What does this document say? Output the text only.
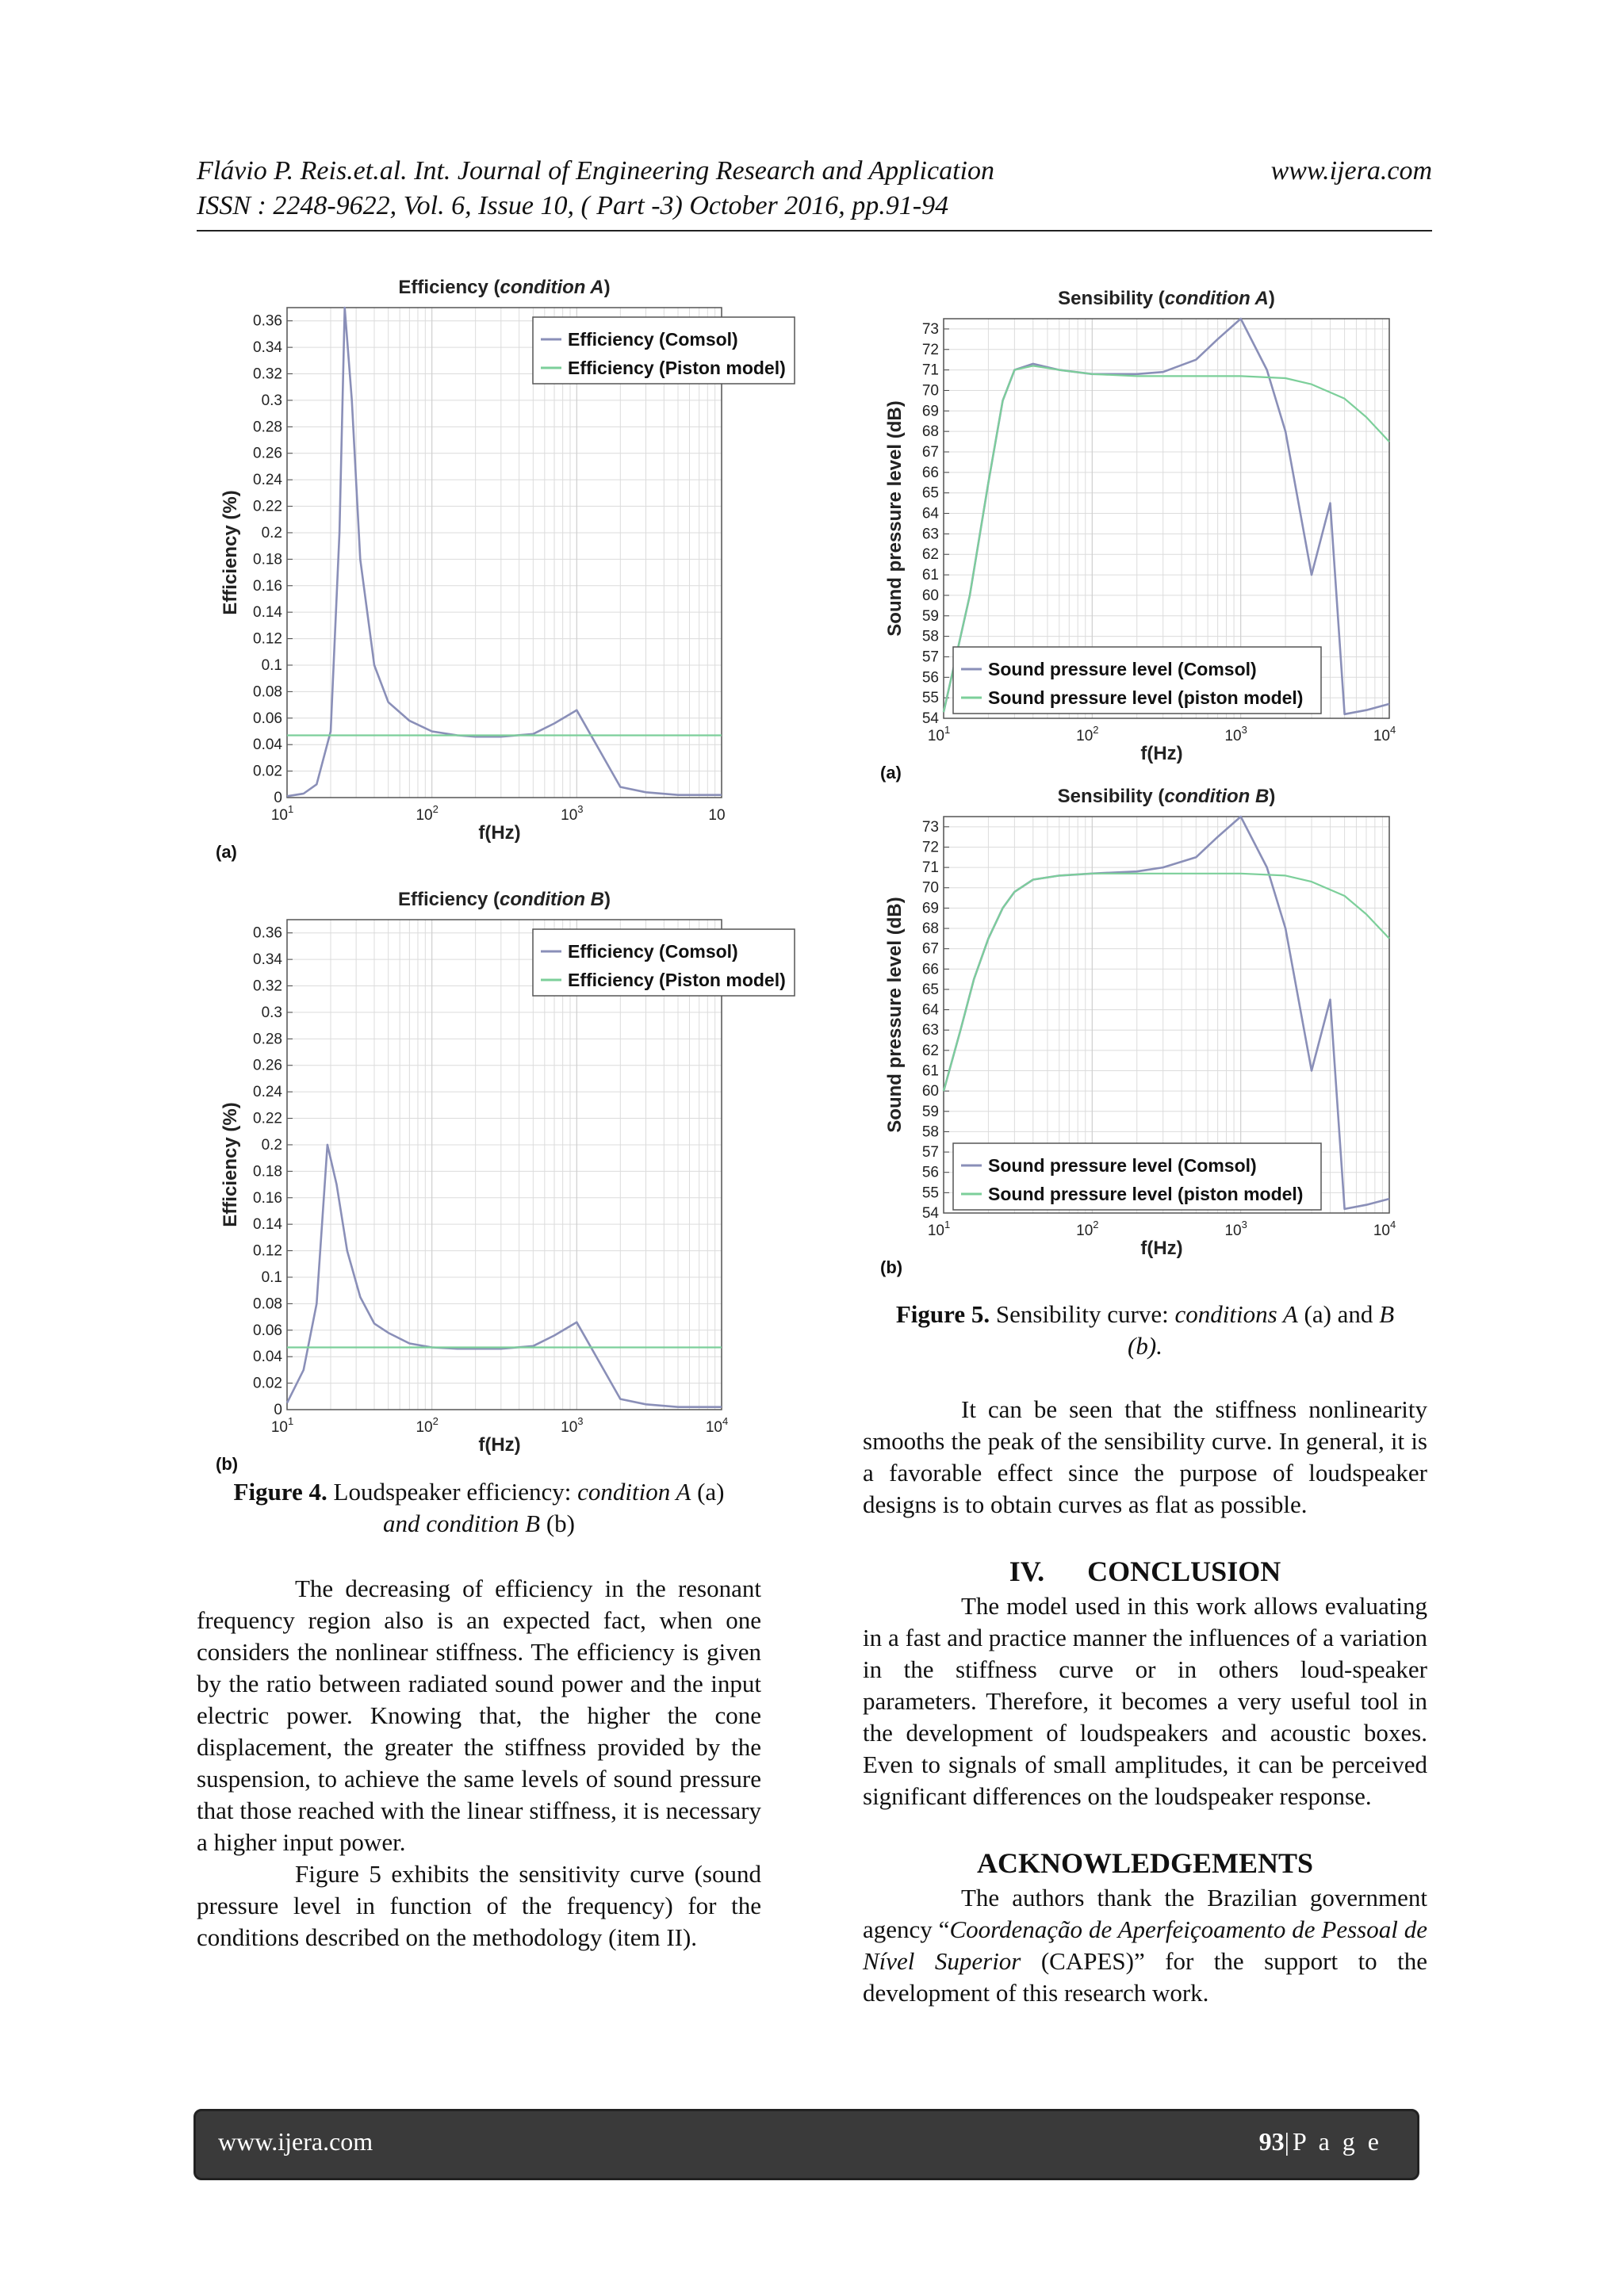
Flávio P. Reis.et.al. Int. Journal of Engineering Research and Application	www.ijera.com
ISSN : 2248-9622, Vol. 6, Issue 10, ( Part -3) October 2016, pp.91-94
0
0.02
0.04
0.06
0.08
0.1
0.12
0.14
0.16
0.18
0.2
0.22
0.24
0.26
0.28
0.3
0.32
0.34
0.36
$10^1$	$10^2$	$10^3$	10
Efficiency (condition A)
f(Hz)
Efficiency (%)
(a)
Efficiency (Comsol)
Efficiency (Piston model)
0
0.02
0.04
0.06
0.08
0.1
0.12
0.14
0.16
0.18
0.2
0.22
0.24
0.26
0.28
0.3
0.32
0.34
0.36
$10^1$	$10^2$	$10^3$	$10^4$
Efficiency (condition B)
f(Hz)
Efficiency (%)
(b)
Efficiency (Comsol)
Efficiency (Piston model)
54
55
56
57
58
59
60
61
62
63
64
65
66
67
68
69
70
71
72
73
$10^1$	$10^2$	$10^3$	$10^4$
Sensibility (condition A)
f(Hz)
Sound pressure level (dB)
(a)
Sound pressure level (Comsol)
Sound pressure level (piston model)
54
55
56
57
58
59
60
61
62
63
64
65
66
67
68
69
70
71
72
73
$10^1$	$10^2$	$10^3$	$10^4$
Sensibility (condition B)
f(Hz)
Sound pressure level (dB)
(b)
Sound pressure level (Comsol)
Sound pressure level (piston model)
Figure 4. Loudspeaker efficiency: condition A (a)
and condition B (b)
Figure 5. Sensibility curve: conditions A (a) and B
(b).

The decreasing of efficiency in the resonant frequency region also is an expected fact, when one considers the nonlinear stiffness. The efficiency is given by the ratio between radiated sound power and the input electric power. Knowing that, the higher the cone displacement, the greater the stiffness provided by the suspension, to achieve the same levels of sound pressure that those reached with the linear stiffness, it is necessary a higher input power.

Figure 5 exhibits the sensitivity curve (sound pressure level in function of the frequency) for the conditions described on the methodology (item II).

It can be seen that the stiffness nonlinearity smooths the peak of the sensibility curve. In general, it is a favorable effect since the purpose of loudspeaker designs is to obtain curves as flat as possible.

IV.      CONCLUSION

The model used in this work allows evaluating in a fast and practice manner the influences of a variation in the stiffness curve or in others loud-speaker parameters. Therefore, it becomes a very useful tool in the development of loudspeakers and acoustic boxes. Even to signals of small amplitudes, it can be perceived significant differences on the loudspeaker response.

ACKNOWLEDGEMENTS

The authors thank the Brazilian government agency “Coordenação de Aperfeiçoamento de Pessoal de Nível Superior (CAPES)” for the support to the development of this research work.

www.ijera.com	93|P a g e
